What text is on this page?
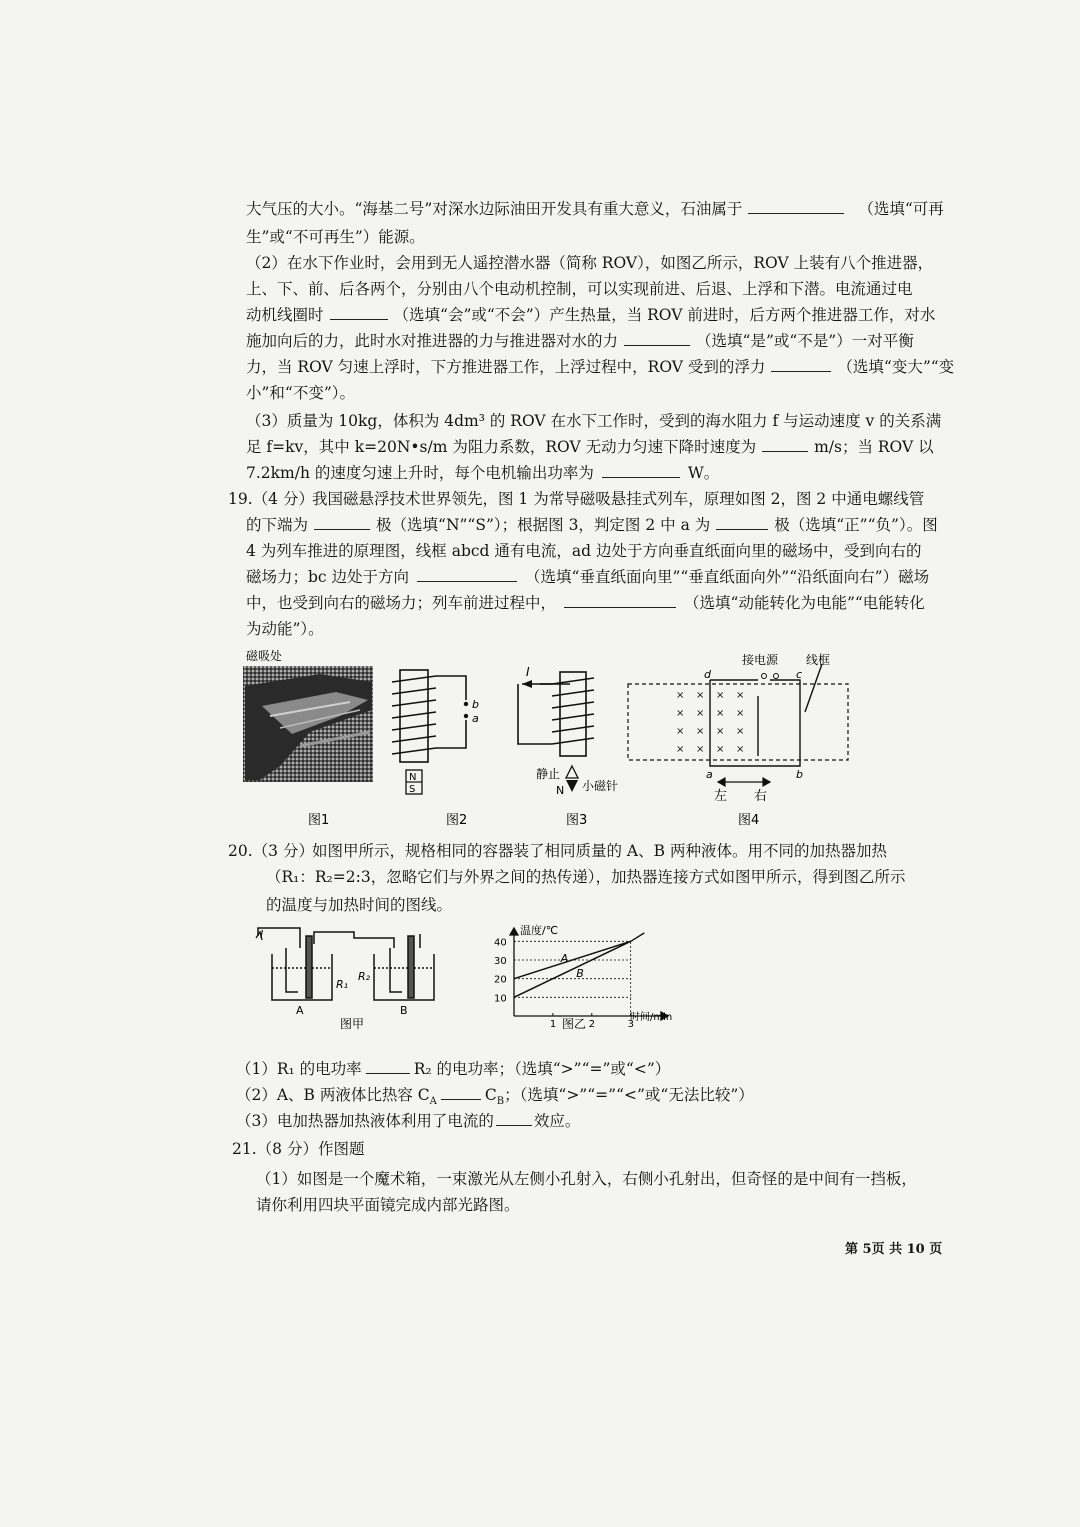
大气压的大小。“海基二号”对深水边际油田开发具有重大意义，石油属于	（选填“可再
生”或“不可再生”）能源。
（2）在水下作业时，会用到无人遥控潜水器（简称 ROV），如图乙所示，ROV 上装有八个推进器，
上、下、前、后各两个，分别由八个电动机控制，可以实现前进、后退、上浮和下潜。电流通过电
动机线圈时	（选填“会”或“不会”）产生热量，当 ROV 前进时，后方两个推进器工作，对水
施加向后的力，此时水对推进器的力与推进器对水的力	（选填“是”或“不是”）一对平衡
力，当 ROV 匀速上浮时，下方推进器工作，上浮过程中，ROV 受到的浮力	（选填“变大”“变
小”和“不变”）。
（3）质量为 10kg，体积为 4dm³ 的 ROV 在水下工作时，受到的海水阻力 f 与运动速度 v 的关系满
足 f=kv，其中 k=20N•s/m 为阻力系数，ROV 无动力匀速下降时速度为	m/s；当 ROV 以
7.2km/h 的速度匀速上升时，每个电机输出功率为	W。
19.（4 分）
我国磁悬浮技术世界领先，图 1 为常导磁吸悬挂式列车，原理如图 2，图 2 中通电螺线管
的下端为	极（选填“N”“S”）；根据图 3，判定图 2 中 a 为	极（选填“正”“负”）。图
4 为列车推进的原理图，线框 abcd 通有电流，ad 边处于方向垂直纸面向里的磁场中，受到向右的
磁场力；bc 边处于方向	（选填“垂直纸面向里”“垂直纸面向外”“沿纸面向右”）磁场
中，也受到向右的磁场力；列车前进过程中，	（选填“动能转化为电能”“电能转化
为动能”）。
磁吸处
b
a
N
S
图2
I
静止
N 小磁针
图3
× × × ×
× × × ×
× × × ×
× × × ×
接电源 线框
d	c
a	b
左 右
图4
图1
20.（3 分）
如图甲所示，规格相同的容器装了相同质量的 A、B 两种液体。用不同的加热器加热
（R₁：R₂=2:3，忽略它们与外界之间的热传递），加热器连接方式如图甲所示，得到图乙所示
的温度与加热时间的图线。
I
R₁
R₂
A	B
图甲
温度/℃
时间/min
10
20
30
40
1	2	3
A
B
图乙
（1）R₁ 的电功率	R₂ 的电功率；（选填“>”“=”或“<”）
（2）A、B 两液体比热容 $C_A$	$C_B$；（选填“>”“=”“<”或“无法比较”）
（3）电加热器加热液体利用了电流的	效应。
21.（8 分）作图题
（1）如图是一个魔术箱，一束激光从左侧小孔射入，右侧小孔射出，但奇怪的是中间有一挡板，
请你利用四块平面镜完成内部光路图。
第 5页 共 10 页
